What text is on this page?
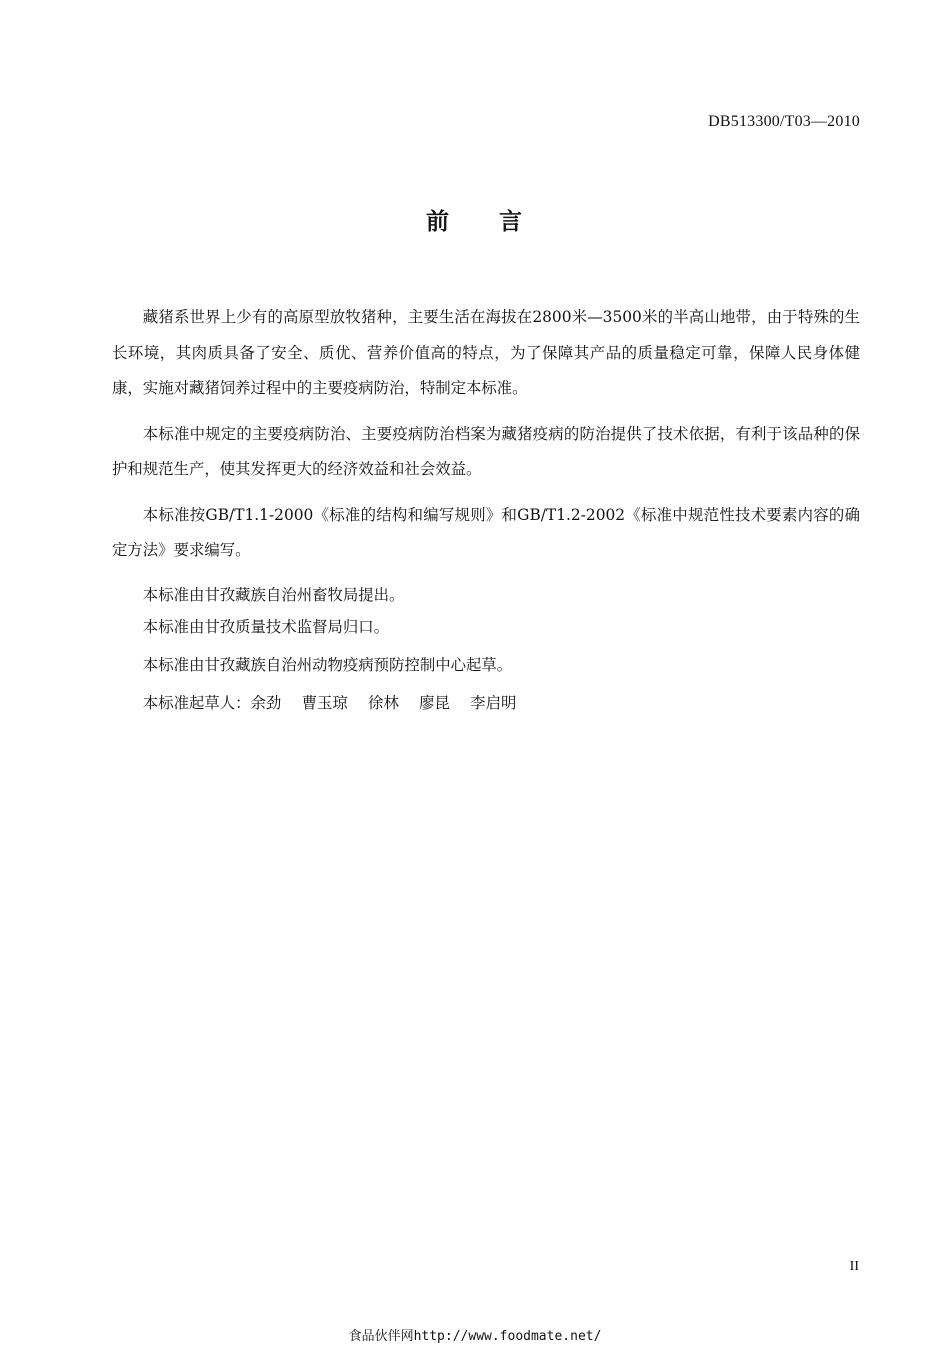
DB513300/T03—2010
前 言

藏猪系世界上少有的高原型放牧猪种，主要生活在海拔在2800米—3500米的半高山地带，由于特殊的生长环境，其肉质具备了安全、质优、营养价值高的特点，为了保障其产品的质量稳定可靠，保障人民身体健康，实施对藏猪饲养过程中的主要疫病防治，特制定本标准。

本标准中规定的主要疫病防治、主要疫病防治档案为藏猪疫病的防治提供了技术依据，有利于该品种的保护和规范生产，使其发挥更大的经济效益和社会效益。

本标准按GB/T1.1-2000《标准的结构和编写规则》和GB/T1.2-2002《标准中规范性技术要素内容的确定方法》要求编写。

本标准由甘孜藏族自治州畜牧局提出。

本标准由甘孜质量技术监督局归口。

本标准由甘孜藏族自治州动物疫病预防控制中心起草。

本标准起草人：余劲　 曹玉琼　 徐林　 廖昆　 李启明

II
食品伙伴网http://www.foodmate.net/
